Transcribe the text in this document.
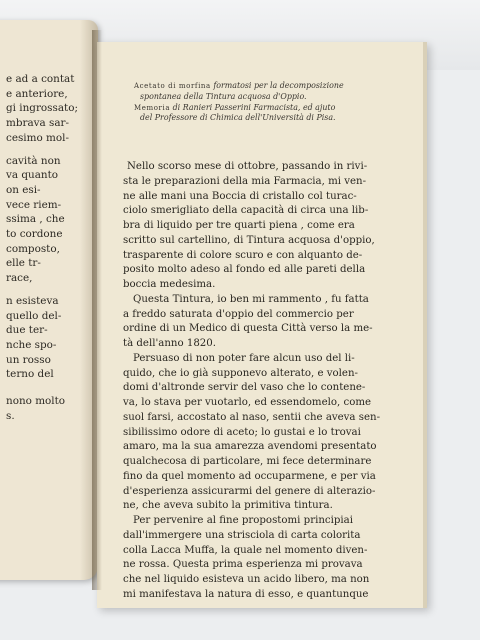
e ad a contat
e anteriore,
gi ingrossato;
mbrava sar-
cesimo mol-
cavità non
va quanto
on esi-
vece riem-
ssima , che
to cordone
composto,
elle tr-
race,
n esisteva
quello del-
due ter-
nche spo-
un rosso
terno del
nono molto
s.
Acetato di morfina formatosi per la decomposizione
spontanea della Tintura acquosa d'Oppio.
Memoria di Ranieri Passerini Farmacista, ed ajuto
del Professore di Chimica dell'Università di Pisa.
Nello scorso mese di ottobre, passando in rivi-
sta le preparazioni della mia Farmacia, mi ven-
ne alle mani una Boccia di cristallo col turac-
ciolo smerigliato della capacità di circa una lib-
bra di liquido per tre quarti piena , come era
scritto sul cartellino, di Tintura acquosa d'oppio,
trasparente di colore scuro e con alquanto de-
posito molto adeso al fondo ed alle pareti della
boccia medesima.
Questa Tintura, io ben mi rammento , fu fatta
a freddo saturata d'oppio del commercio per
ordine di un Medico di questa Città verso la me-
tà dell'anno 1820.
Persuaso di non poter fare alcun uso del li-
quido, che io già supponevo alterato, e volen-
domi d'altronde servir del vaso che lo contene-
va, lo stava per vuotarlo, ed essendomelo, come
suol farsi, accostato al naso, sentii che aveva sen-
sibilissimo odore di aceto; lo gustai e lo trovai
amaro, ma la sua amarezza avendomi presentato
qualchecosa di particolare, mi fece determinare
fino da quel momento ad occuparmene, e per via
d'esperienza assicurarmi del genere di alterazio-
ne, che aveva subito la primitiva tintura.
Per pervenire al fine propostomi principiai
dall'immergere una strisciola di carta colorita
colla Lacca Muffa, la quale nel momento diven-
ne rossa. Questa prima esperienza mi provava
che nel liquido esisteva un acido libero, ma non
mi manifestava la natura di esso, e quantunque
